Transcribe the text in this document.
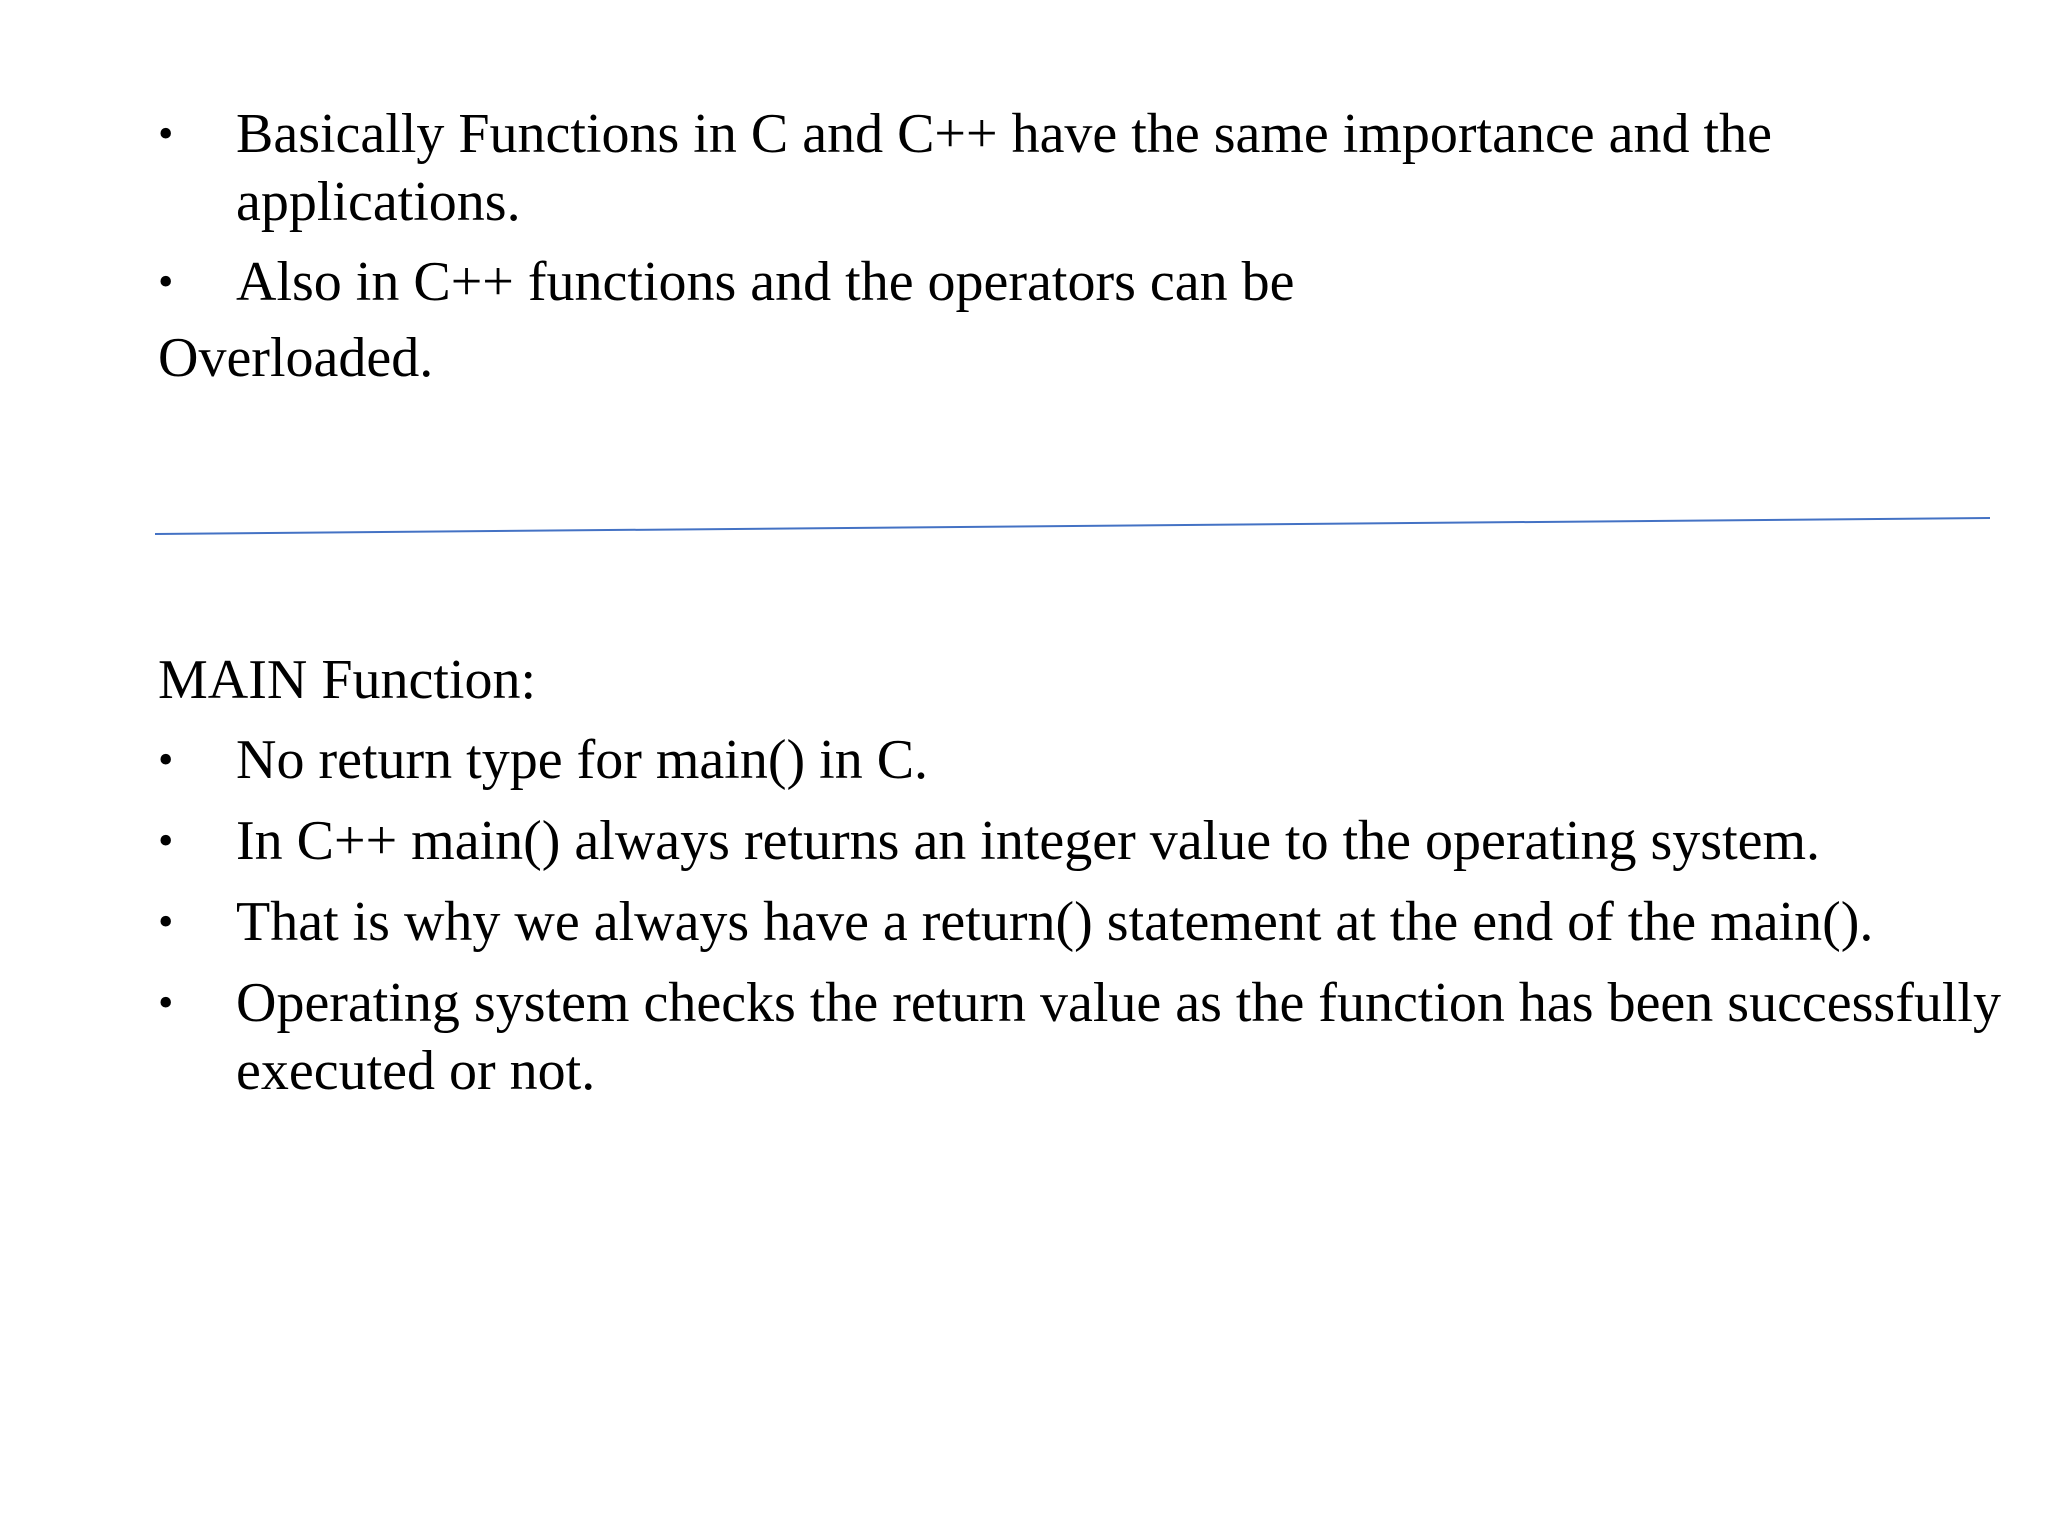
•	Basically Functions in C and C++ have the same importance and the applications.
•	Also in C++ functions and the operators can be
Overloaded.
MAIN Function:
•	No return type for main() in C.
•	In C++ main() always returns an integer value to the operating system.
•	That is why we always have a return() statement at the end of the main().
•	Operating system checks the return value as the function has been successfully executed or not.
